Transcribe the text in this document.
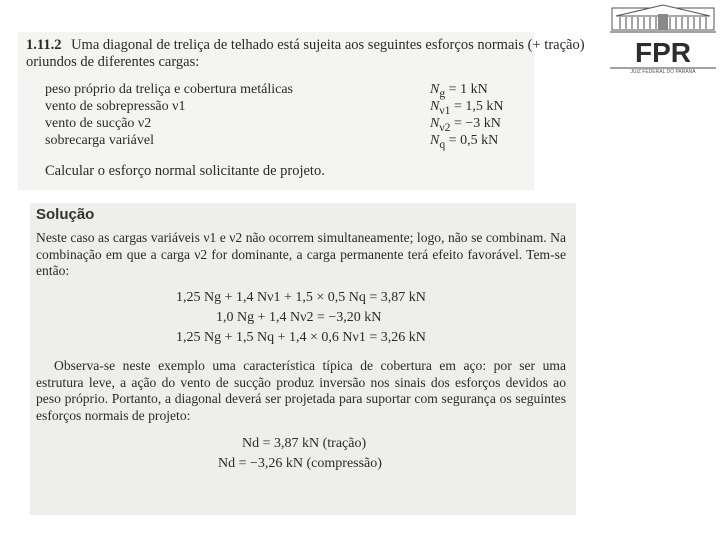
FPR
JUIZ FEDERAL DO PARANÁ
1.11.2 Uma diagonal de treliça de telhado está sujeita aos seguintes esforços normais (+ tração) oriundos de diferentes cargas:
peso próprio da treliça e cobertura metálicas
vento de sobrepressão ν1
vento de sucção ν2
sobrecarga variável
$N_g = 1$ kN
$N_{\nu 1} = 1,5$ kN
$N_{\nu 2} = -3$ kN
$N_q = 0,5$ kN
Calcular o esforço normal solicitante de projeto.
Solução
Neste caso as cargas variáveis ν1 e ν2 não ocorrem simultaneamente; logo, não se combinam. Na combinação em que a carga ν2 for dominante, a carga permanente terá efeito favorável. Tem-se então:
1,25 Ng + 1,4 Nν1 + 1,5 × 0,5 Nq = 3,87 kN
1,0 Ng + 1,4 Nν2 = −3,20 kN
1,25 Ng + 1,5 Nq + 1,4 × 0,6 Nν1 = 3,26 kN
Observa-se neste exemplo uma característica típica de cobertura em aço: por ser uma estrutura leve, a ação do vento de sucção produz inversão nos sinais dos esforços devidos ao peso próprio. Portanto, a diagonal deverá ser projetada para suportar com segurança os seguintes esforços normais de projeto:
Nd = 3,87 kN (tração)
Nd = −3,26 kN (compressão)
